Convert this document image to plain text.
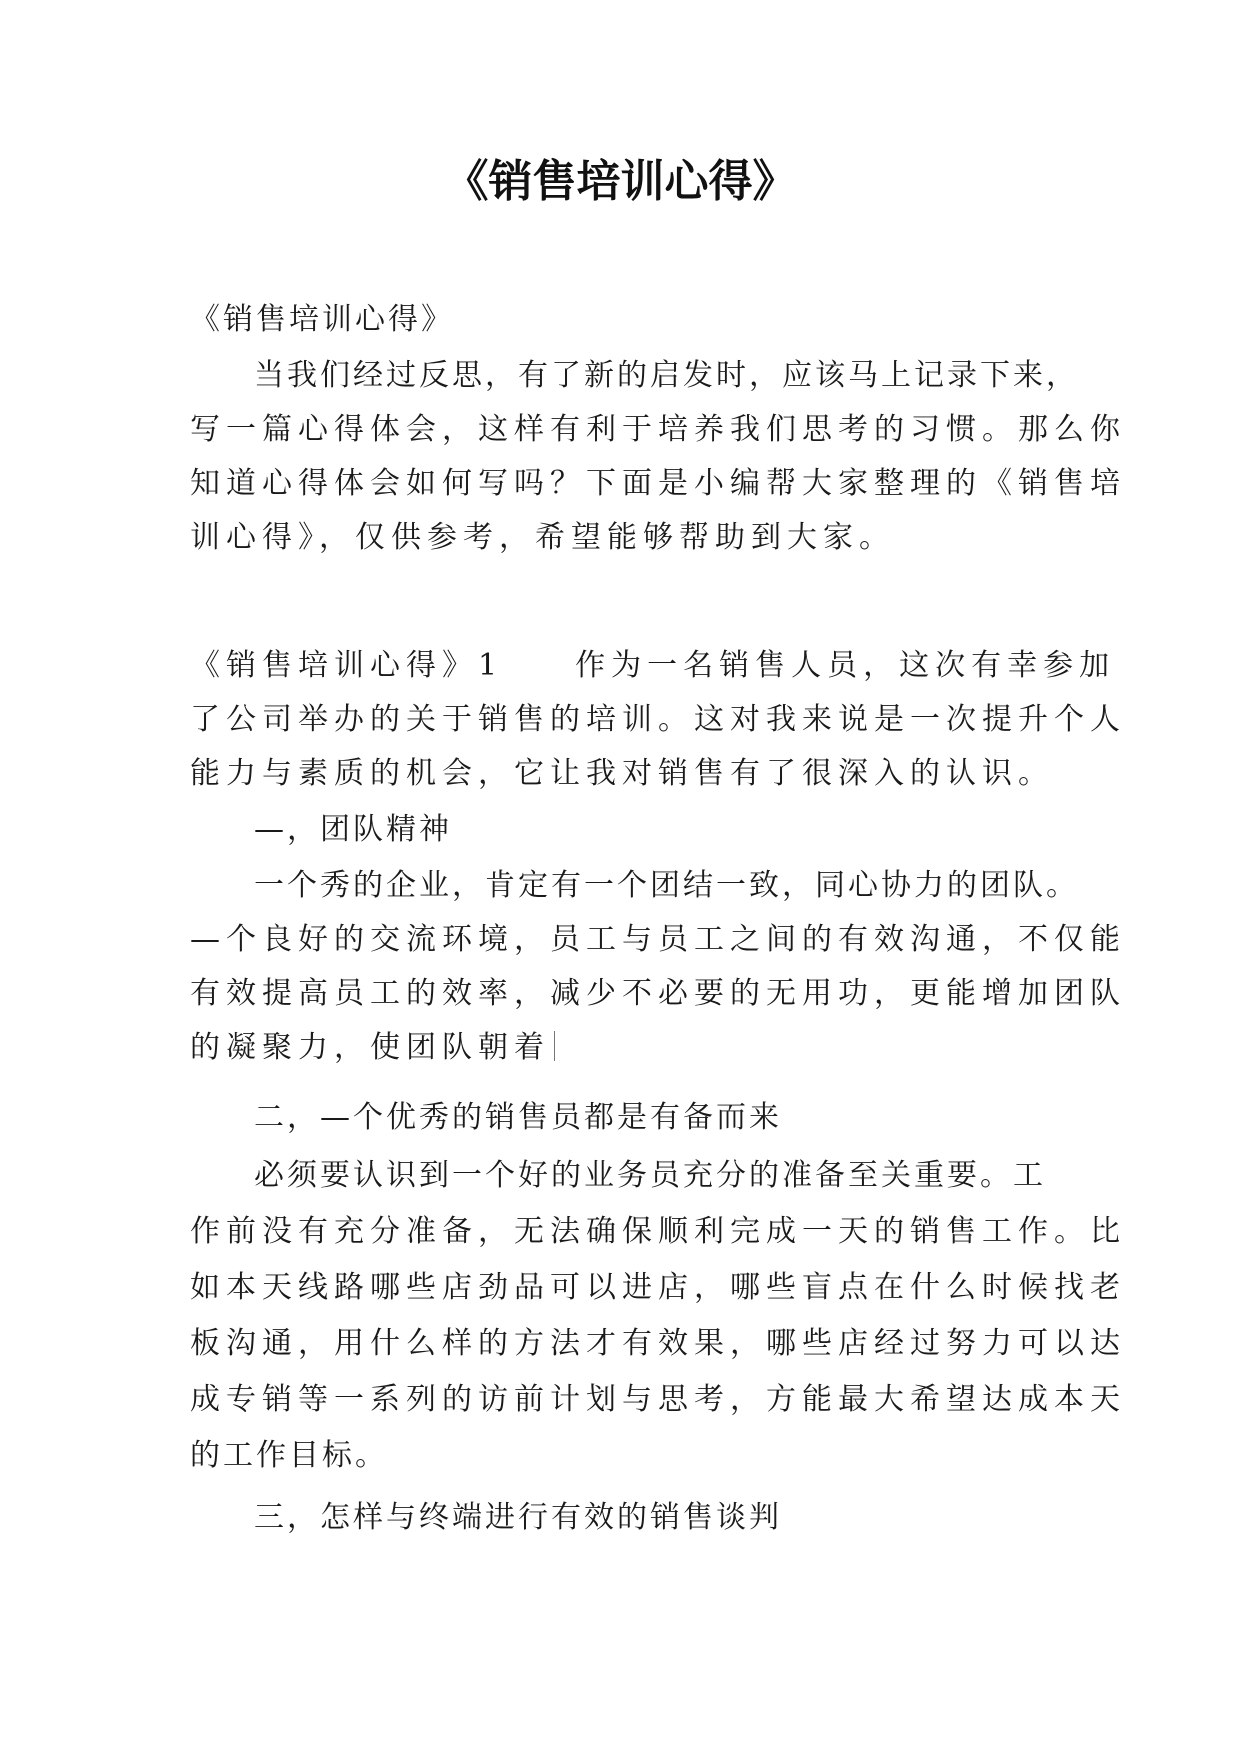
《销售培训心得》
《销售培训心得》
当我们经过反思，有了新的启发时，应该马上记录下来，
写一篇心得体会，这样有利于培养我们思考的习惯。那么你
知道心得体会如何写吗？下面是小编帮大家整理的《销售培
训心得》，仅供参考，希望能够帮助到大家。
《销售培训心得》1　　作为一名销售人员，这次有幸参加
了公司举办的关于销售的培训。这对我来说是一次提升个人
能力与素质的机会，它让我对销售有了很深入的认识。
—，团队精神
一个秀的企业，肯定有一个团结一致，同心协力的团队。
—个良好的交流环境，员工与员工之间的有效沟通，不仅能
有效提高员工的效率，减少不必要的无用功，更能增加团队
的凝聚力，使团队朝着
二，—个优秀的销售员都是有备而来
必须要认识到一个好的业务员充分的准备至关重要。工
作前没有充分准备，无法确保顺利完成一天的销售工作。比
如本天线路哪些店劲品可以进店，哪些盲点在什么时候找老
板沟通，用什么样的方法才有效果，哪些店经过努力可以达
成专销等一系列的访前计划与思考，方能最大希望达成本天
的工作目标。
三，怎样与终端进行有效的销售谈判
